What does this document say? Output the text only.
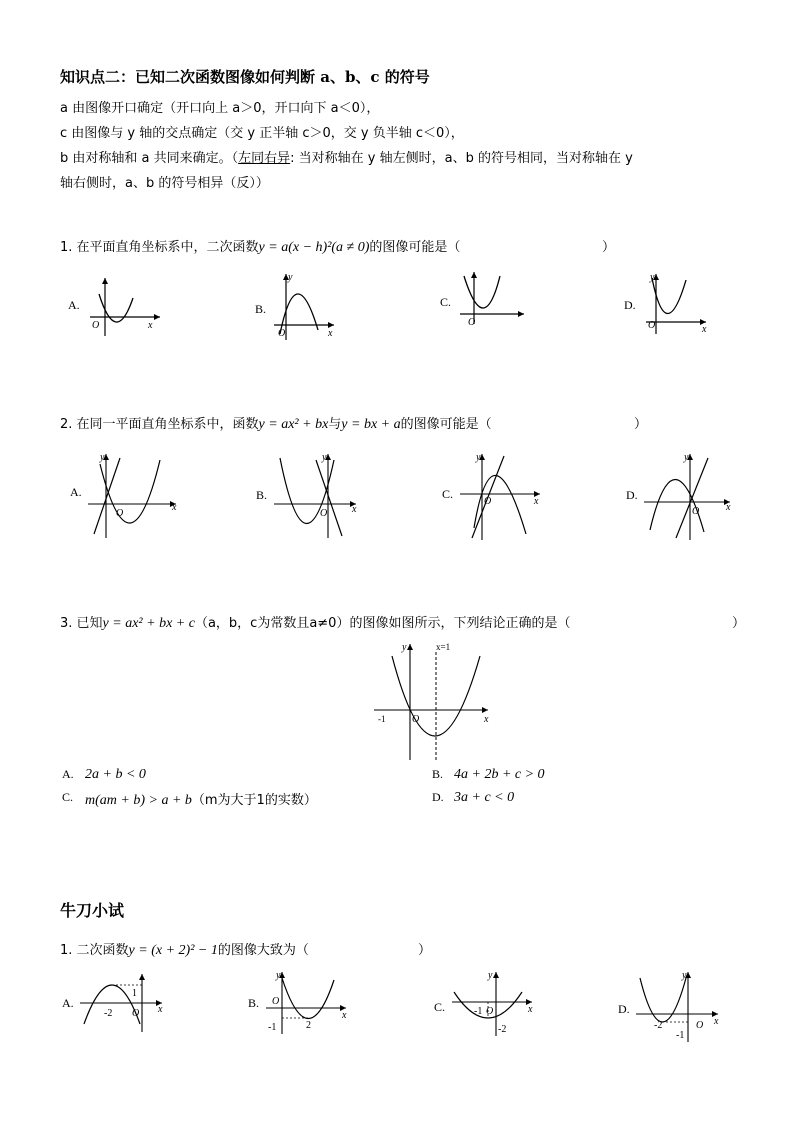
知识点二：已知二次函数图像如何判断 a、b、c 的符号
a 由图像开口确定（开口向上 a＞0，开口向下 a＜0），
c 由图像与 y 轴的交点确定（交 y 正半轴 c＞0，交 y 负半轴 c＜0），
b 由对称轴和 a 共同来确定。（左同右异: 当对称轴在 y 轴左侧时，a、b 的符号相同，当对称轴在 y
轴右侧时，a、b 的符号相异（反））
1. 在平面直角坐标系中，二次函数y = a(x − h)²(a ≠ 0)的图像可能是（	）
A.
O	x
B.
O	x
y
C.
O
D.
O	x
y
2. 在同一平面直角坐标系中，函数y = ax² + bx与y = bx + a的图像可能是（	）
A.
O
x
y
B.
O x
y
C.
O	x
y
D.
O	x
y
3. 已知y = ax² + bx + c（a，b，c为常数且a≠0）的图像如图所示，下列结论正确的是（	）
y	x=1
-1	O	x
A. 2a + b < 0	B. 4a + 2b + c > 0
C. m(am + b) > a + b（m为大于1的实数）	D. 3a + c < 0
牛刀小试
1. 二次函数y = (x + 2)² − 1的图像大致为（	）
A.
-2
1
O x	B. O
-1	2
y
x
C.	-1 O
-2
y
x	D.
-2
-1
O
y
x
